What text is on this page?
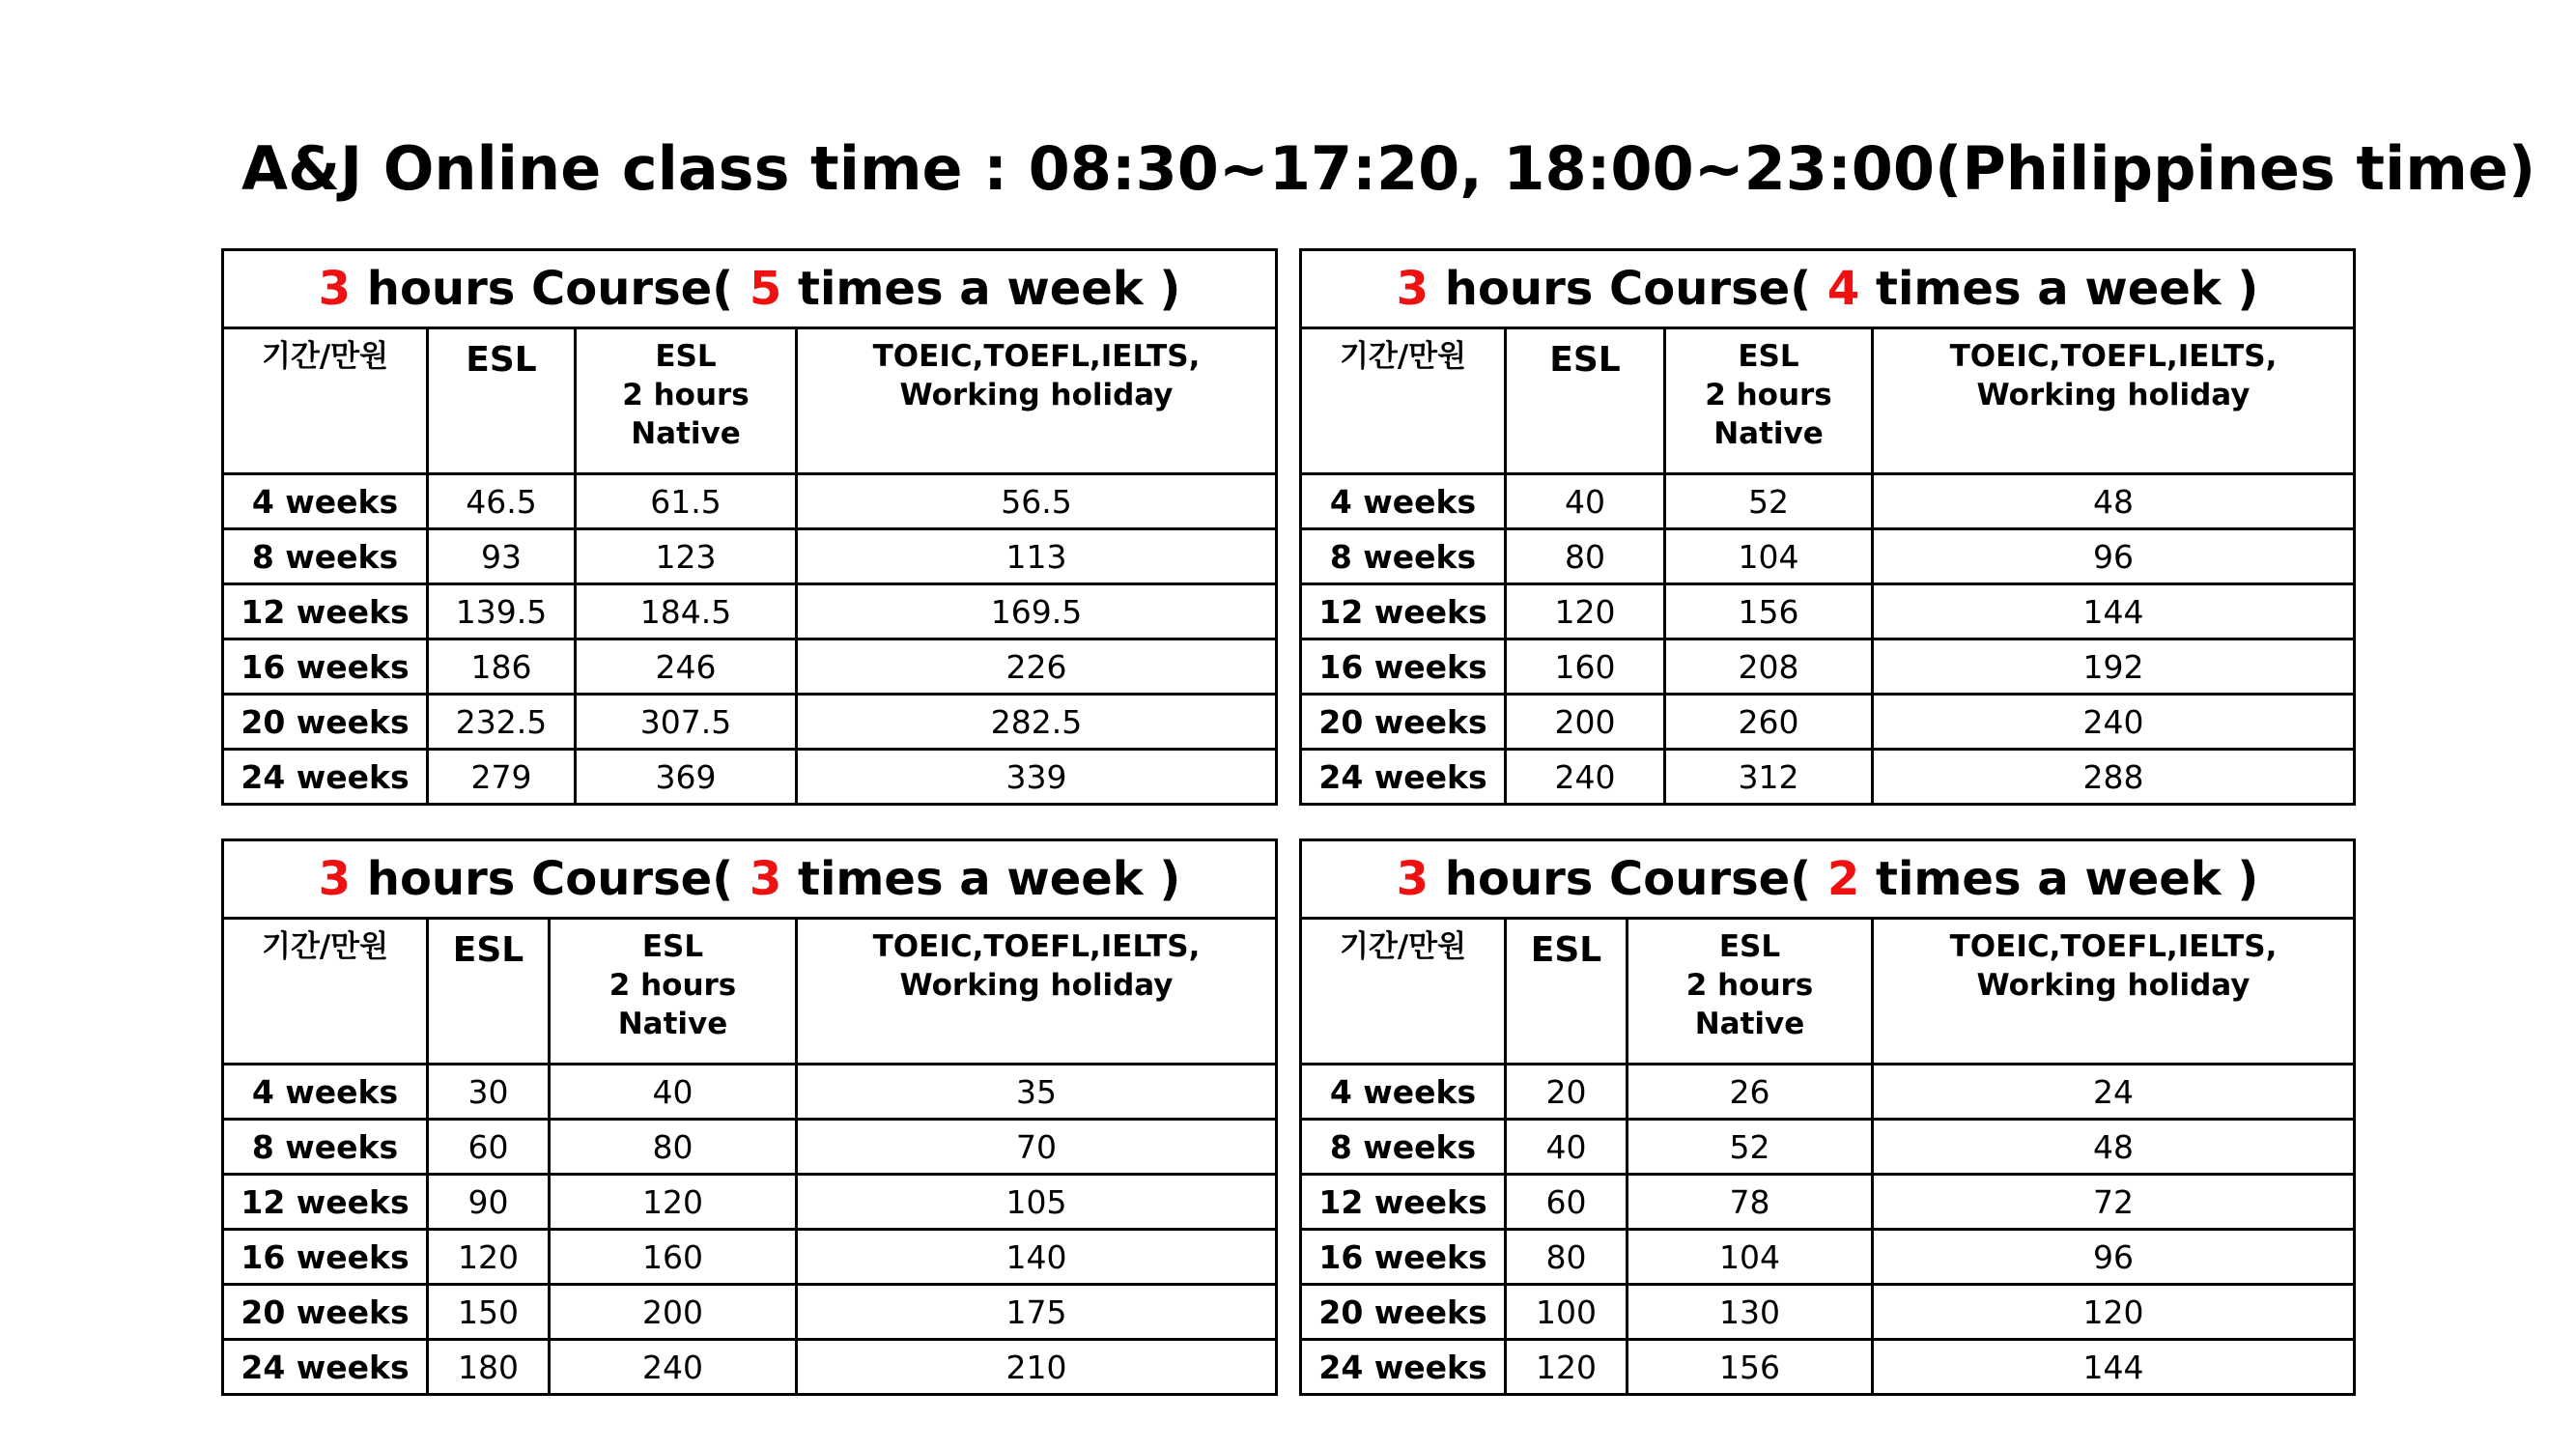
A&J Online class time : 08:30~17:20, 18:00~23:00(Philippines time)
3 hours Course( 5 times a week )			
기간/만원	ESL	ESL
2 hours
Native	TOEIC,TOEFL,IELTS,
Working holiday

4 weeks	46.5	61.5	56.5
8 weeks	93	123	113
12 weeks	139.5	184.5	169.5
16 weeks	186	246	226
20 weeks	232.5	307.5	282.5
24 weeks	279	369	339
3 hours Course( 4 times a week )			
기간/만원	ESL	ESL
2 hours
Native	TOEIC,TOEFL,IELTS,
Working holiday

4 weeks	40	52	48
8 weeks	80	104	96
12 weeks	120	156	144
16 weeks	160	208	192
20 weeks	200	260	240
24 weeks	240	312	288
3 hours Course( 3 times a week )			
기간/만원	ESL	ESL
2 hours
Native	TOEIC,TOEFL,IELTS,
Working holiday

4 weeks	30	40	35
8 weeks	60	80	70
12 weeks	90	120	105
16 weeks	120	160	140
20 weeks	150	200	175
24 weeks	180	240	210
3 hours Course( 2 times a week )			
기간/만원	ESL	ESL
2 hours
Native	TOEIC,TOEFL,IELTS,
Working holiday

4 weeks	20	26	24
8 weeks	40	52	48
12 weeks	60	78	72
16 weeks	80	104	96
20 weeks	100	130	120
24 weeks	120	156	144
